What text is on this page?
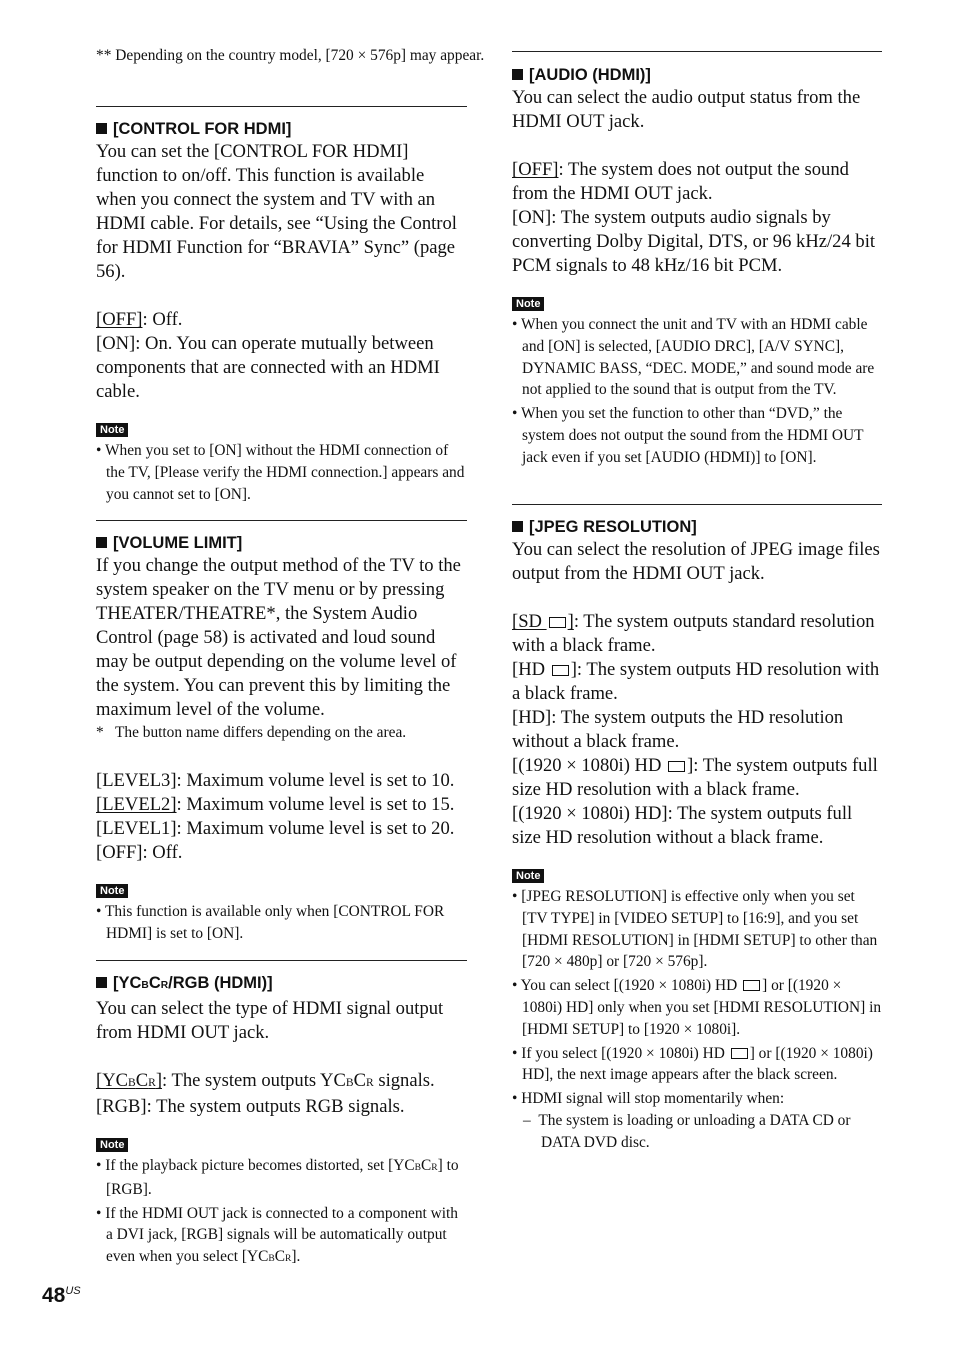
** Depending on the country model, [720 × 576p] may appear.
[CONTROL FOR HDMI]

You can set the [CONTROL FOR HDMI] function to on/off. This function is available when you connect the system and TV with an HDMI cable. For details, see “Using the Control for HDMI Function for “BRAVIA” Sync” (page 56).

[OFF]: Off.

[ON]: On. You can operate mutually between components that are connected with an HDMI cable.

Note

• When you set to [ON] without the HDMI connection of the TV, [Please verify the HDMI connection.] appears and you cannot set to [ON].

[VOLUME LIMIT]

If you change the output method of the TV to the system speaker on the TV menu or by pressing THEATER/THEATRE*, the System Audio Control (page 58) is activated and loud sound may be output depending on the volume level of the system. You can prevent this by limiting the maximum level of the volume.

* The button name differs depending on the area.

[LEVEL3]: Maximum volume level is set to 10.

[LEVEL2]: Maximum volume level is set to 15.

[LEVEL1]: Maximum volume level is set to 20.

[OFF]: Off.

Note

• This function is available only when [CONTROL FOR HDMI] is set to [ON].

[YCBCR/RGB (HDMI)]

You can select the type of HDMI signal output from HDMI OUT jack.

[YCBCR]: The system outputs YCBCR signals.

[RGB]: The system outputs RGB signals.

Note

• If the playback picture becomes distorted, set [YCBCR] to [RGB].

• If the HDMI OUT jack is connected to a component with a DVI jack, [RGB] signals will be automatically output even when you select [YCBCR].

[AUDIO (HDMI)]

You can select the audio output status from the HDMI OUT jack.

[OFF]: The system does not output the sound from the HDMI OUT jack.

[ON]: The system outputs audio signals by converting Dolby Digital, DTS, or 96 kHz/24 bit PCM signals to 48 kHz/16 bit PCM.

Note

• When you connect the unit and TV with an HDMI cable and [ON] is selected, [AUDIO DRC], [A/V SYNC], DYNAMIC BASS, “DEC. MODE,” and sound mode are not applied to the sound that is output from the TV.

• When you set the function to other than “DVD,” the system does not output the sound from the HDMI OUT jack even if you set [AUDIO (HDMI)] to [ON].

[JPEG RESOLUTION]

You can select the resolution of JPEG image files output from the HDMI OUT jack.

[SD ]: The system outputs standard resolution with a black frame.

[HD ]: The system outputs HD resolution with a black frame.

[HD]: The system outputs the HD resolution without a black frame.

[(1920 × 1080i) HD ]: The system outputs full size HD resolution with a black frame.

[(1920 × 1080i) HD]: The system outputs full size HD resolution without a black frame.

Note

• [JPEG RESOLUTION] is effective only when you set [TV TYPE] in [VIDEO SETUP] to [16:9], and you set [HDMI RESOLUTION] in [HDMI SETUP] to other than [720 × 480p] or [720 × 576p].

• You can select [(1920 × 1080i) HD ] or [(1920 × 1080i) HD] only when you set [HDMI RESOLUTION] in [HDMI SETUP] to [1920 × 1080i].

• If you select [(1920 × 1080i) HD ] or [(1920 × 1080i) HD], the next image appears after the black screen.

• HDMI signal will stop momentarily when:

– The system is loading or unloading a DATA CD or DATA DVD disc.

$48^{US}$
